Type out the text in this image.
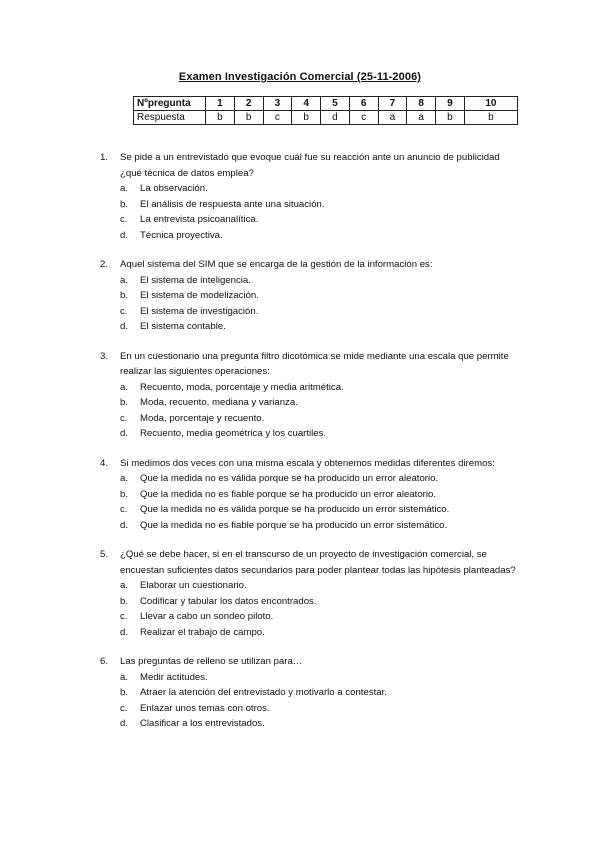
Examen Investigación Comercial (25-11-2006)
Nºpregunta	1	2	3	4	5	6	7	8	9	10
Respuesta	b	b	c	b	d	c	a	a	b	b
1. Se pide a un entrevistado que evoque cuál fue su reacción ante un anuncio de publicidad ¿qué técnica de datos emplea?
a. La observación.
b. El análisis de respuesta ante una situación.
c. La entrevista psicoanalítica.
d. Técnica proyectiva.
2. Aquel sistema del SIM que se encarga de la gestión de la información es:
a. El sistema de inteligencia.
b. El sistema de modelización.
c. El sistema de investigación.
d. El sistema contable.
3. En un cuestionario una pregunta filtro dicotómica se mide mediante una escala que permite realizar las siguientes operaciones:
a. Recuento, moda, porcentaje y media aritmética.
b. Moda, recuento, mediana y varianza.
c. Moda, porcentaje y recuento.
d. Recuento, media geométrica y los cuartiles.
4. Si medimos dos veces con una misma escala y obtenemos medidas diferentes diremos:
a. Que la medida no es válida porque se ha producido un error aleatorio.
b. Que la medida no es fiable porque se ha producido un error aleatorio.
c. Que la medida no es válida porque se ha producido un error sistemático.
d. Que la medida no es fiable porque se ha producido un error sistemático.
5. ¿Qué se debe hacer, si en el transcurso de un proyecto de investigación comercial, se encuestan suficientes datos secundarios para poder plantear todas las hipótesis planteadas?
a. Elaborar un cuestionario.
b. Codificar y tabular los datos encontrados.
c. Llevar a cabo un sondeo piloto.
d. Realizar el trabajo de campo.
6. Las preguntas de relleno se utilizan para…
a. Medir actitudes.
b. Atraer la atención del entrevistado y motivarlo a contestar.
c. Enlazar unos temas con otros.
d. Clasificar a los entrevistados.
